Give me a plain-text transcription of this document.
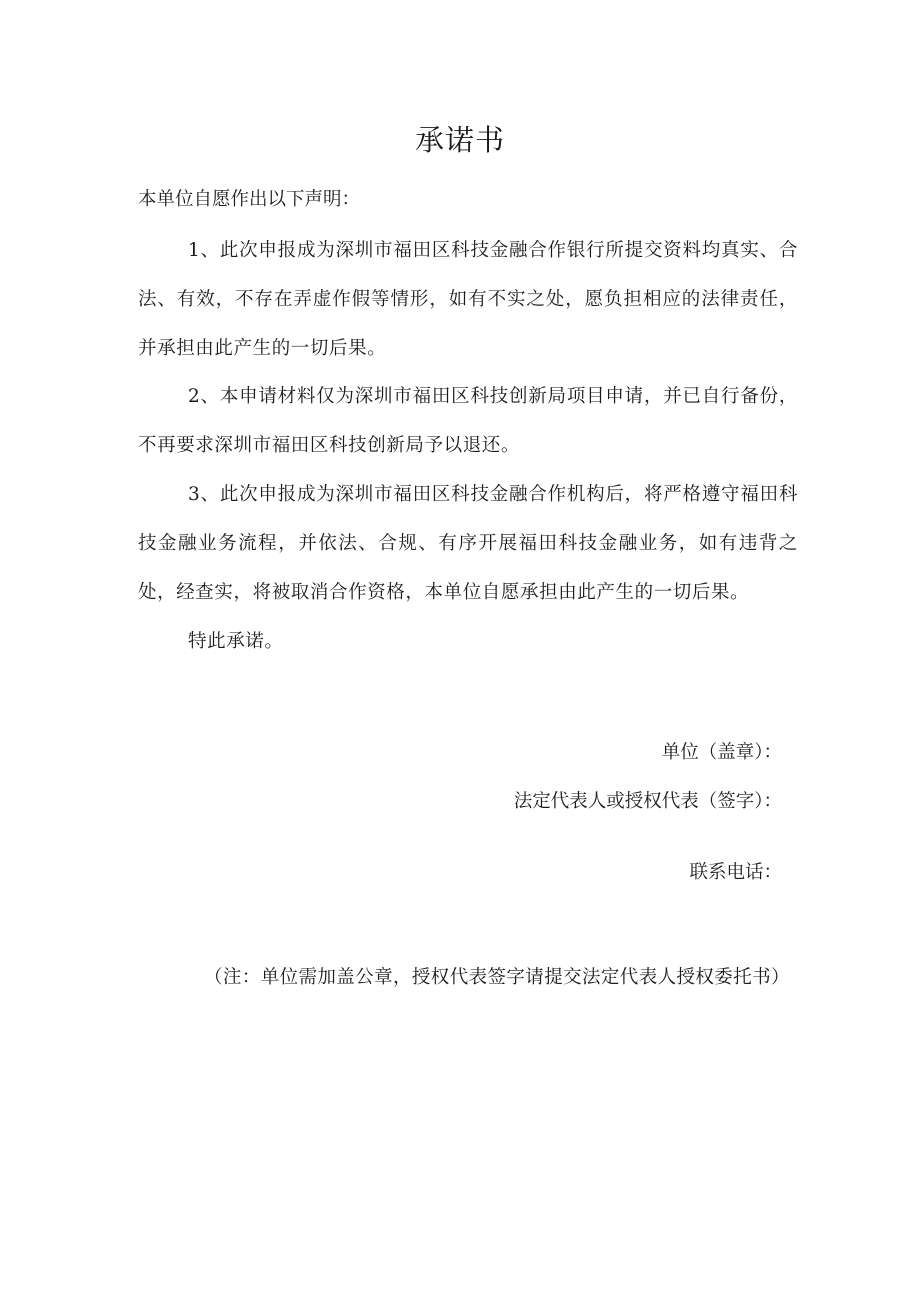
承诺书
本单位自愿作出以下声明：
1、此次申报成为深圳市福田区科技金融合作银行所提交资料均真实、合法、有效，不存在弄虚作假等情形，如有不实之处，愿负担相应的法律责任，并承担由此产生的一切后果。
2、本申请材料仅为深圳市福田区科技创新局项目申请，并已自行备份，不再要求深圳市福田区科技创新局予以退还。
3、此次申报成为深圳市福田区科技金融合作机构后，将严格遵守福田科技金融业务流程，并依法、合规、有序开展福田科技金融业务，如有违背之处，经查实，将被取消合作资格，本单位自愿承担由此产生的一切后果。
特此承诺。
单位（盖章）：
法定代表人或授权代表（签字）：
联系电话：
（注：单位需加盖公章，授权代表签字请提交法定代表人授权委托书）
